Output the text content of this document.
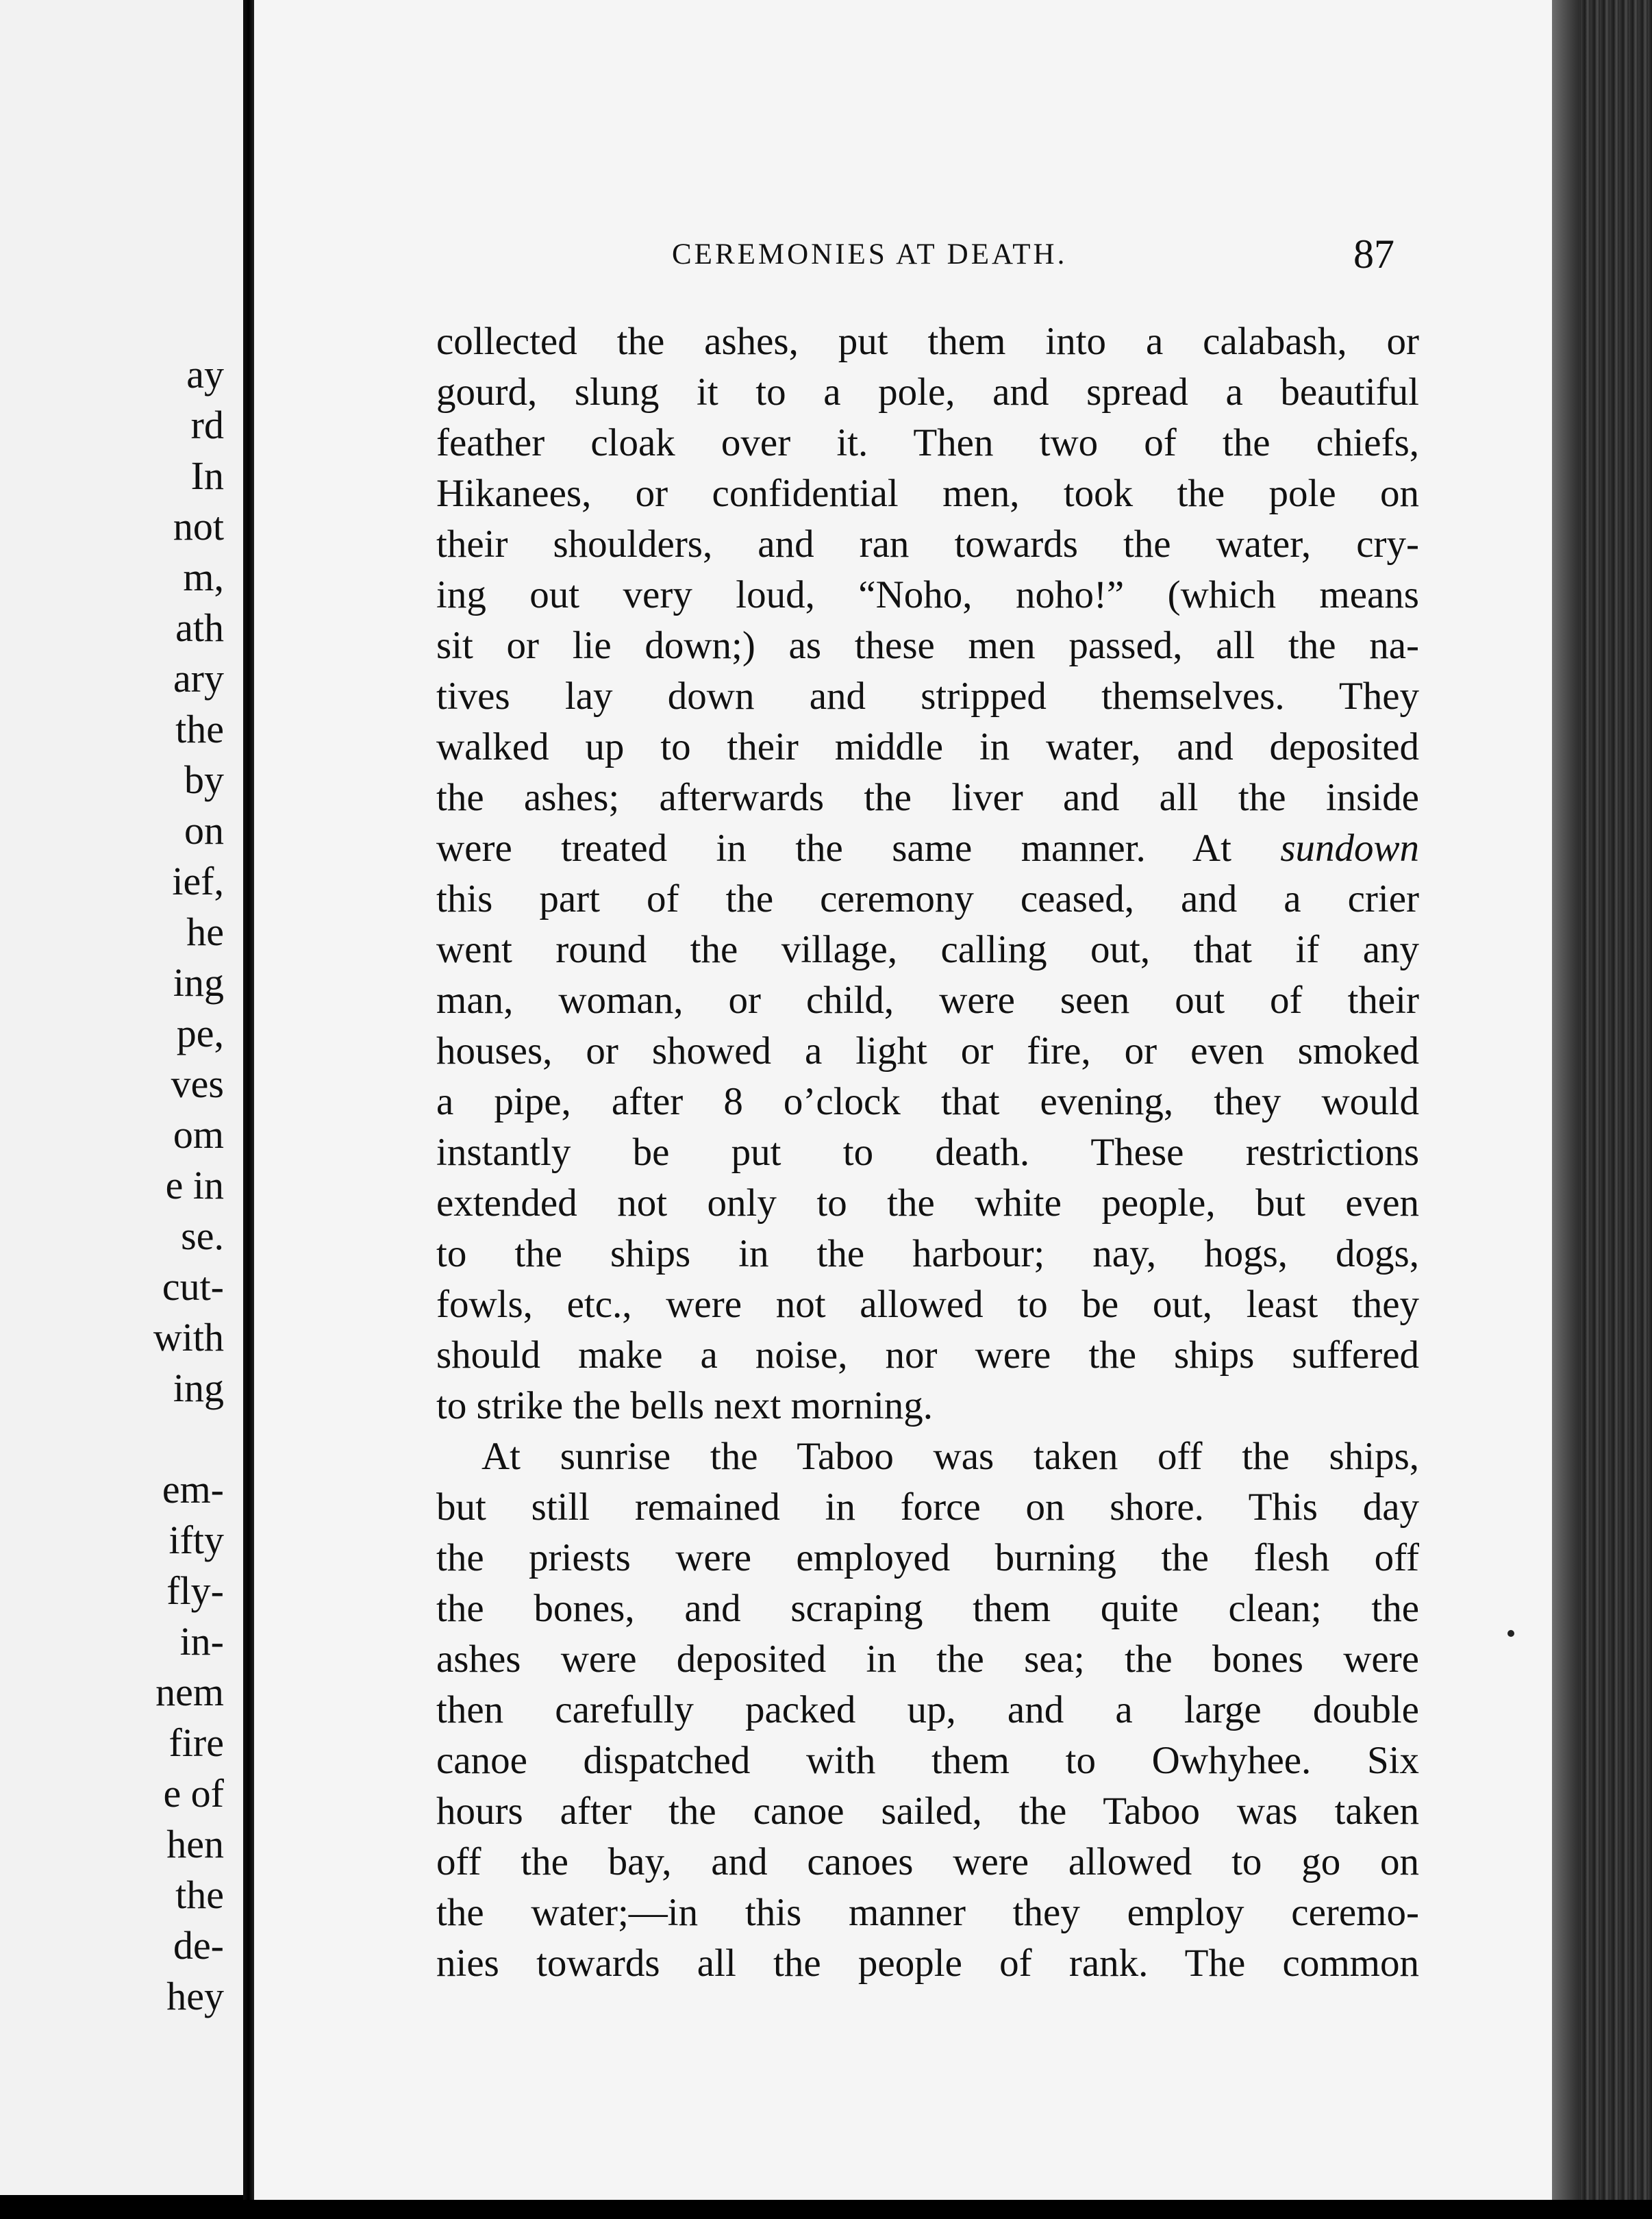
ay
rd
In
not
m,
ath
ary
the
by
on
ief,
he
ing
pe,
ves
om
e in
se.
cut-
with
ing
em-
ifty
fly-
in-
nem
fire
e of
hen
the
de-
hey
CEREMONIES AT DEATH.	87
collected the ashes, put them into a calabash, or
gourd, slung it to a pole, and spread a beautiful
feather cloak over it. Then two of the chiefs,
Hikanees, or confidential men, took the pole on
their shoulders, and ran towards the water, cry-
ing out very loud, “Noho, noho!” (which means
sit or lie down;) as these men passed, all the na-
tives lay down and stripped themselves. They
walked up to their middle in water, and deposited
the ashes; afterwards the liver and all the inside
were treated in the same manner. At sundown
this part of the ceremony ceased, and a crier
went round the village, calling out, that if any
man, woman, or child, were seen out of their
houses, or showed a light or fire, or even smoked
a pipe, after 8 o’clock that evening, they would
instantly be put to death. These restrictions
extended not only to the white people, but even
to the ships in the harbour; nay, hogs, dogs,
fowls, etc., were not allowed to be out, least they
should make a noise, nor were the ships suffered
to strike the bells next morning.
At sunrise the Taboo was taken off the ships,
but still remained in force on shore. This day
the priests were employed burning the flesh off
the bones, and scraping them quite clean; the
ashes were deposited in the sea; the bones were
then carefully packed up, and a large double
canoe dispatched with them to Owhyhee. Six
hours after the canoe sailed, the Taboo was taken
off the bay, and canoes were allowed to go on
the water;—in this manner they employ ceremo-
nies towards all the people of rank. The common
